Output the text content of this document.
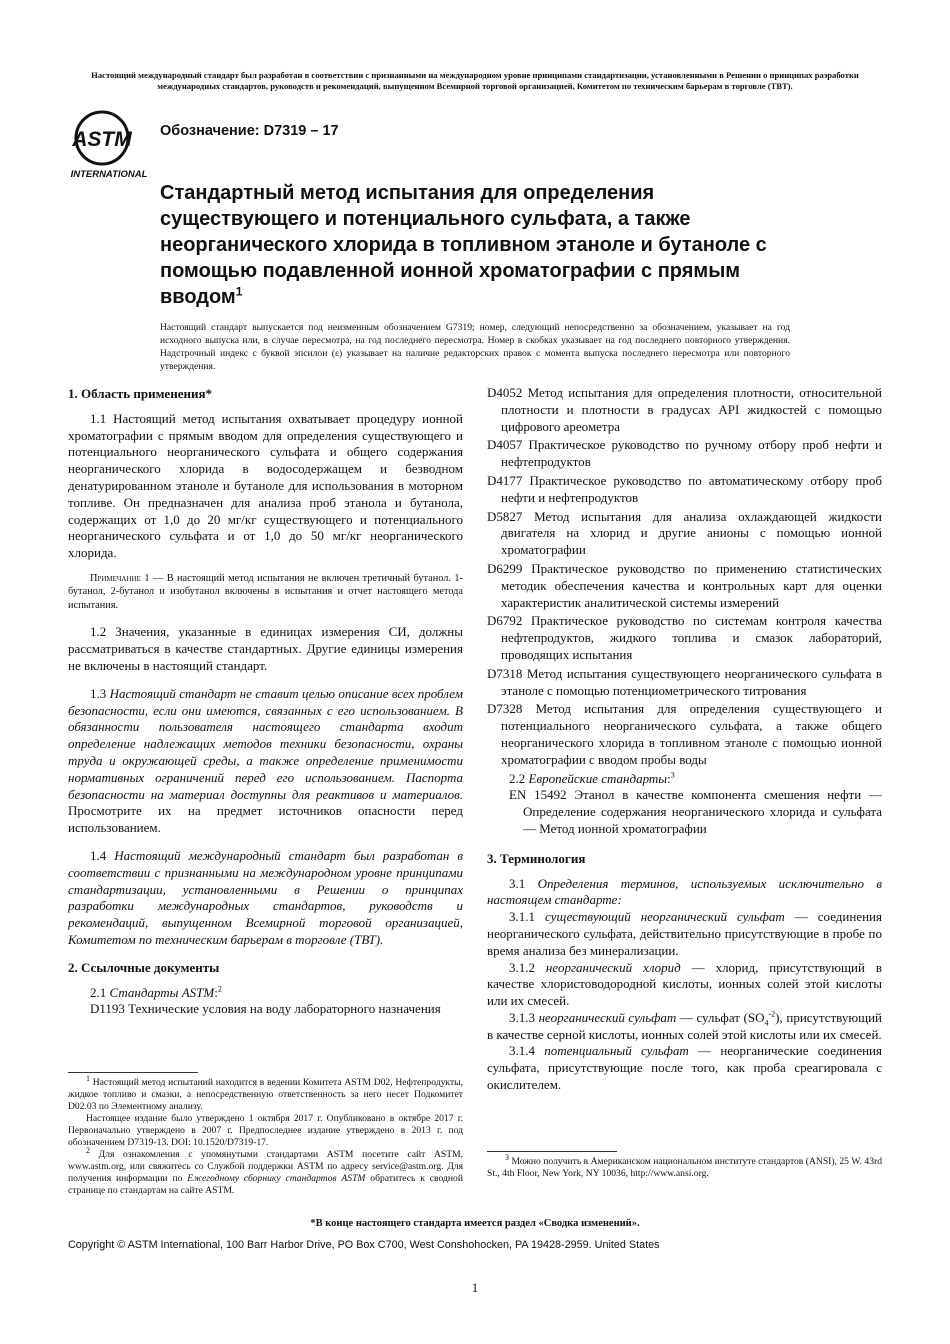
Настоящий международный стандарт был разработан в соответствии с признанными на международном уровне принципами стандартизации, установленными в Решении о принципах разработки международных стандартов, руководств и рекомендаций, выпущенном Всемирной торговой организацией, Комитетом по техническим барьерам в торговле (ТВТ).
ASTM
INTERNATIONAL
Обозначение: D7319 – 17
Стандартный метод испытания для определения существующего и потенциального сульфата, а также неорганического хлорида в топливном этаноле и бутаноле с помощью подавленной ионной хроматографии с прямым вводом$^1$
Настоящий стандарт выпускается под неизменным обозначением G7319; номер, следующий непосредственно за обозначением, указывает на год исходного выпуска или, в случае пересмотра, на год последнего пересмотра. Номер в скобках указывает на год последнего повторного утверждения. Надстрочный индекс с буквой эпсилон (ε) указывает на наличие редакторских правок с момента выпуска последнего пересмотра или повторного утверждения.

1. Область применения*

1.1 Настоящий метод испытания охватывает процедуру ионной хроматографии с прямым вводом для определения существующего и потенциального неорганического сульфата и общего содержания неорганического хлорида в водосодержащем и безводном денатурированном этаноле и бутаноле для использования в моторном топливе. Он предназначен для анализа проб этанола и бутанола, содержащих от 1,0 до 20 мг/кг существующего и потенциального неорганического сульфата и от 1,0 до 50 мг/кг неорганического хлорида.

Примечание 1 — В настоящий метод испытания не включен третичный бутанол. 1-бутанол, 2-бутанол и изобутанол включены в испытания и отчет настоящего метода испытания.

1.2 Значения, указанные в единицах измерения СИ, должны рассматриваться в качестве стандартных. Другие единицы измерения не включены в настоящий стандарт.

1.3 Настоящий стандарт не ставит целью описание всех проблем безопасности, если они имеются, связанных с его использованием. В обязанности пользователя настоящего стандарта входит определение надлежащих методов техники безопасности, охраны труда и окружающей среды, а также определение применимости нормативных ограничений перед его использованием. Паспорта безопасности на материал доступны для реактивов и материалов. Просмотрите их на предмет источников опасности перед использованием.

1.4 Настоящий международный стандарт был разработан в соответствии с признанными на международном уровне принципами стандартизации, установленными в Решении о принципах разработки международных стандартов, руководств и рекомендаций, выпущенном Всемирной торговой организацией, Комитетом по техническим барьерам в торговле (ТВТ).

2. Ссылочные документы

2.1 Стандарты ASTM:$^2$

D1193 Технические условия на воду лабораторного назначения

$^1$ Настоящий метод испытаний находится в ведении Комитета ASTM D02, Нефтепродукты, жидкое топливо и смазки, а непосредственную ответственность за него несет Подкомитет D02.03 по Элементному анализу.

Настоящее издание было утверждено 1 октября 2017 г. Опубликовано в октябре 2017 г. Первоначально утверждено в 2007 г. Предпоследнее издание утверждено в 2013 г. под обозначением D7319-13. DOI: 10.1520/D7319-17.

$^2$ Для ознакомления с упомянутыми стандартами ASTM посетите сайт ASTM, www.astm.org, или свяжитесь со Службой поддержки ASTM по адресу service@astm.org. Для получения информации по Ежегодному сборнику стандартов ASTM обратитесь к сводной странице по стандартам на сайте ASTM.

D4052 Метод испытания для определения плотности, относительной плотности и плотности в градусах API жидкостей с помощью цифрового ареометра

D4057 Практическое руководство по ручному отбору проб нефти и нефтепродуктов

D4177 Практическое руководство по автоматическому отбору проб нефти и нефтепродуктов

D5827 Метод испытания для анализа охлаждающей жидкости двигателя на хлорид и другие анионы с помощью ионной хроматографии

D6299 Практическое руководство по применению статистических методик обеспечения качества и контрольных карт для оценки характеристик аналитической системы измерений

D6792 Практическое руководство по системам контроля качества нефтепродуктов, жидкого топлива и смазок лабораторий, проводящих испытания

D7318 Метод испытания существующего неорганического сульфата в этаноле с помощью потенциометрического титрования

D7328 Метод испытания для определения существующего и потенциального неорганического сульфата, а также общего неорганического хлорида в топливном этаноле с помощью ионной хроматографии с вводом пробы воды

2.2 Европейские стандарты:$^3$

EN 15492 Этанол в качестве компонента смешения нефти — Определение содержания неорганического хлорида и сульфата — Метод ионной хроматографии

3. Терминология

3.1 Определения терминов, используемых исключительно в настоящем стандарте:

3.1.1 существующий неорганический сульфат — соединения неорганического сульфата, действительно присутствующие в пробе по время анализа без минерализации.

3.1.2 неорганический хлорид — хлорид, присутствующий в качестве хлористоводородной кислоты, ионных солей этой кислоты или их смесей.

3.1.3 неорганический сульфат — сульфат $(SO_4^{-2})$, присутствующий в качестве серной кислоты, ионных солей этой кислоты или их смесей.

3.1.4 потенциальный сульфат — неорганические соединения сульфата, присутствующие после того, как проба среагировала с окислителем.

$^3$ Можно получить в Американском национальном институте стандартов (ANSI), 25 W. 43rd St., 4th Floor, New York, NY 10036, http://www.ansi.org.

*В конце настоящего стандарта имеется раздел «Сводка изменений».
Copyright © ASTM International, 100 Barr Harbor Drive, PO Box C700, West Conshohocken, PA 19428-2959. United States
1
